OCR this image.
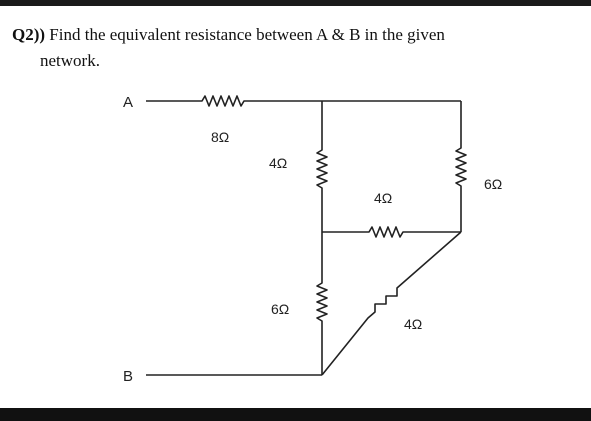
Q2)) Find the equivalent resistance between A & B in the given
network.
A
B
8Ω
4Ω
6Ω
4Ω
6Ω
4Ω
